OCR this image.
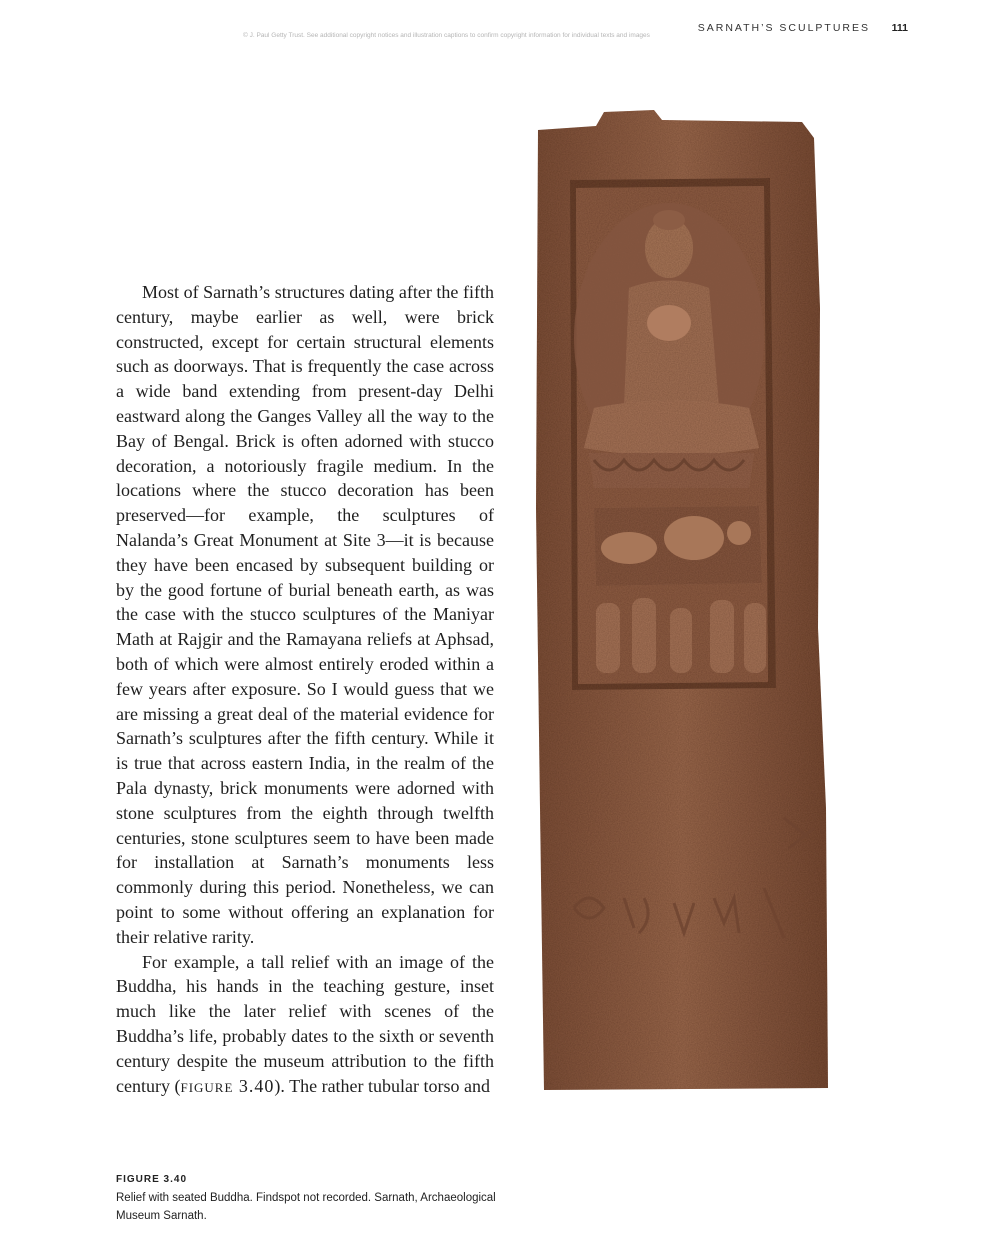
SARNATH’S SCULPTURES 111
© J. Paul Getty Trust. See additional copyright notices and illustration captions to confirm copyright information for individual texts and images

Most of Sarnath’s structures dating after the fifth century, maybe earlier as well, were brick constructed, except for certain structural elements such as doorways. That is frequently the case across a wide band extending from present-day Delhi eastward along the Ganges Valley all the way to the Bay of Bengal. Brick is often adorned with stucco decoration, a notoriously fragile medium. In the locations where the stucco decoration has been preserved—for example, the sculptures of Nalanda’s Great Monument at Site 3—it is because they have been encased by subsequent building or by the good fortune of burial beneath earth, as was the case with the stucco sculptures of the Maniyar Math at Rajgir and the Ramayana reliefs at Aphsad, both of which were almost entirely eroded within a few years after exposure. So I would guess that we are missing a great deal of the material evidence for Sarnath’s sculptures after the fifth century. While it is true that across eastern India, in the realm of the Pala dynasty, brick monuments were adorned with stone sculptures from the eighth through twelfth centuries, stone sculptures seem to have been made for installation at Sarnath’s monuments less commonly during this period. Nonetheless, we can point to some without offering an explanation for their relative rarity.

For example, a tall relief with an image of the Buddha, his hands in the teaching gesture, inset much like the later relief with scenes of the Buddha’s life, probably dates to the sixth or seventh century despite the museum attribution to the fifth century (figure 3.40). The rather tubular torso and

FIGURE 3.40
Relief with seated Buddha. Findspot not recorded. Sarnath, Archaeological Museum Sarnath.
